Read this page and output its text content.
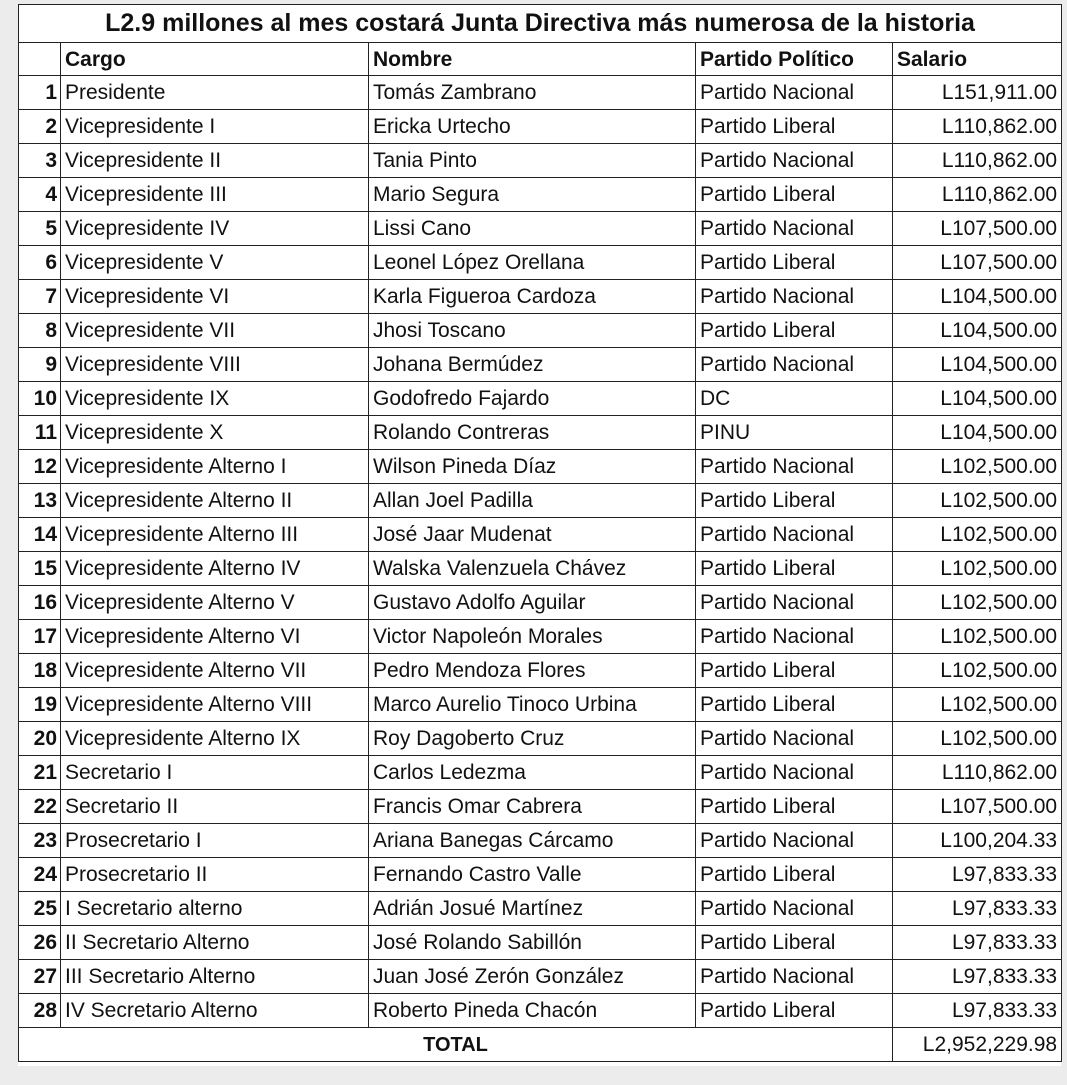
L2.9 millones al mes costará Junta Directiva más numerosa de la historia				
	Cargo	Nombre	Partido Político	Salario
1	Presidente	Tomás Zambrano	Partido Nacional	L151,911.00
2	Vicepresidente I	Ericka Urtecho	Partido Liberal	L110,862.00
3	Vicepresidente II	Tania Pinto	Partido Nacional	L110,862.00
4	Vicepresidente III	Mario Segura	Partido Liberal	L110,862.00
5	Vicepresidente IV	Lissi Cano	Partido Nacional	L107,500.00
6	Vicepresidente V	Leonel López Orellana	Partido Liberal	L107,500.00
7	Vicepresidente VI	Karla Figueroa Cardoza	Partido Nacional	L104,500.00
8	Vicepresidente VII	Jhosi Toscano	Partido Liberal	L104,500.00
9	Vicepresidente VIII	Johana Bermúdez	Partido Nacional	L104,500.00
10	Vicepresidente IX	Godofredo Fajardo	DC	L104,500.00
11	Vicepresidente X	Rolando Contreras	PINU	L104,500.00
12	Vicepresidente Alterno I	Wilson Pineda Díaz	Partido Nacional	L102,500.00
13	Vicepresidente Alterno II	Allan Joel Padilla	Partido Liberal	L102,500.00
14	Vicepresidente Alterno III	José Jaar Mudenat	Partido Nacional	L102,500.00
15	Vicepresidente Alterno IV	Walska Valenzuela Chávez	Partido Liberal	L102,500.00
16	Vicepresidente Alterno V	Gustavo Adolfo Aguilar	Partido Nacional	L102,500.00
17	Vicepresidente Alterno VI	Victor Napoleón Morales	Partido Nacional	L102,500.00
18	Vicepresidente Alterno VII	Pedro Mendoza Flores	Partido Liberal	L102,500.00
19	Vicepresidente Alterno VIII	Marco Aurelio Tinoco Urbina	Partido Liberal	L102,500.00
20	Vicepresidente Alterno IX	Roy Dagoberto Cruz	Partido Nacional	L102,500.00
21	Secretario I	Carlos Ledezma	Partido Nacional	L110,862.00
22	Secretario II	Francis Omar Cabrera	Partido Liberal	L107,500.00
23	Prosecretario I	Ariana Banegas Cárcamo	Partido Nacional	L100,204.33
24	Prosecretario II	Fernando Castro Valle	Partido Liberal	L97,833.33
25	I Secretario alterno	Adrián Josué Martínez	Partido Nacional	L97,833.33
26	II Secretario Alterno	José Rolando Sabillón	Partido Liberal	L97,833.33
27	III Secretario Alterno	Juan José Zerón González	Partido Nacional	L97,833.33
28	IV Secretario Alterno	Roberto Pineda Chacón	Partido Liberal	L97,833.33
TOTAL				L2,952,229.98
